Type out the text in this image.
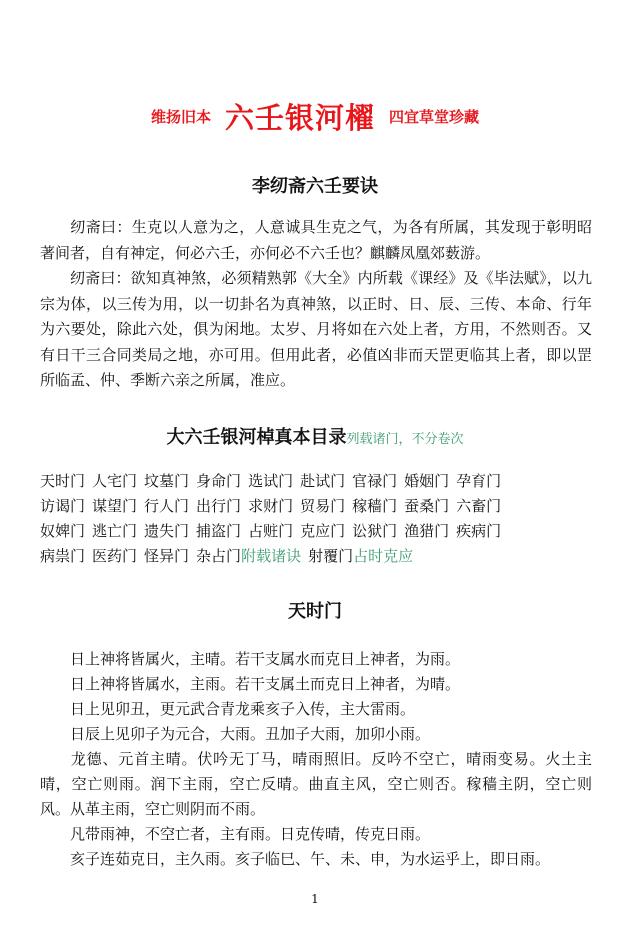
维扬旧本 六壬银河櫂 四宜草堂珍藏
李纫斋六壬要诀

纫斋曰：生克以人意为之，人意诚具生克之气，为各有所属，其发现于彰明昭著间者，自有神定，何必六壬，亦何必不六壬也？麒麟凤凰郊薮游。

纫斋曰：欲知真神煞，必须精熟郭《大全》内所载《课经》及《毕法赋》，以九宗为体，以三传为用，以一切卦名为真神煞，以正时、日、辰、三传、本命、行年为六要处，除此六处，俱为闲地。太岁、月将如在六处上者，方用，不然则否。又有日干三合同类局之地，亦可用。但用此者，必值凶非而天罡更临其上者，即以罡所临孟、仲、季断六亲之所属，准应。

大六壬银河棹真本目录列载诸门，不分卷次
天时门 人宅门 坟墓门 身命门 选试门 赴试门 官禄门 婚姻门 孕育门
访谒门 谋望门 行人门 出行门 求财门 贸易门 稼穑门 蚕桑门 六畜门
奴婢门 逃亡门 遗失门 捕盗门 占赃门 克应门 讼狱门 渔猎门 疾病门
病祟门 医药门 怪异门 杂占门附载诸诀 射覆门占时克应
天时门

日上神将皆属火，主晴。若干支属水而克日上神者，为雨。

日上神将皆属水，主雨。若干支属土而克日上神者，为晴。

日上见卯丑，更元武合青龙乘亥子入传，主大雷雨。

日辰上见卯子为元合，大雨。丑加子大雨，加卯小雨。

龙德、元首主晴。伏吟无丁马，晴雨照旧。反吟不空亡，晴雨变易。火土主晴，空亡则雨。润下主雨，空亡反晴。曲直主风，空亡则否。稼穑主阴，空亡则风。从革主雨，空亡则阴而不雨。

凡带雨神，不空亡者，主有雨。日克传晴，传克日雨。

亥子连茹克日，主久雨。亥子临巳、午、未、申，为水运乎上，即日雨。

1
